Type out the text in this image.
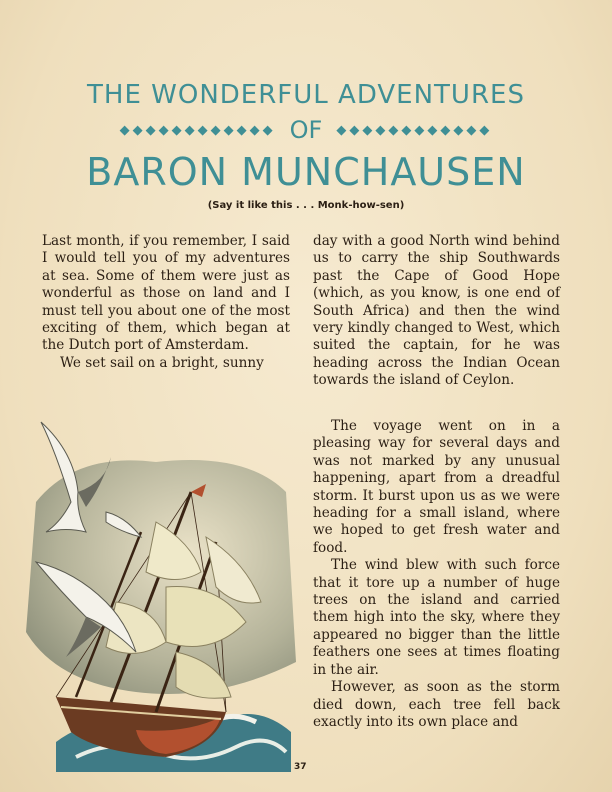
THE WONDERFUL ADVENTURES
◆◆◆◆◆◆◆◆◆◆◆◆ OF ◆◆◆◆◆◆◆◆◆◆◆◆
BARON MUNCHAUSEN
(Say it like this . . . Monk-how-sen)

Last month, if you remember, I said I would tell you of my adventures at sea. Some of them were just as wonderful as those on land and I must tell you about one of the most exciting of them, which began at the Dutch port of Amsterdam.

We set sail on a bright, sunny

day with a good North wind behind us to carry the ship Southwards past the Cape of Good Hope (which, as you know, is one end of South Africa) and then the wind very kindly changed to West, which suited the captain, for he was heading across the Indian Ocean towards the island of Ceylon.

The voyage went on in a pleasing way for several days and was not marked by any unusual happening, apart from a dreadful storm. It burst upon us as we were heading for a small island, where we hoped to get fresh water and food.

The wind blew with such force that it tore up a number of huge trees on the island and carried them high into the sky, where they appeared no bigger than the little feathers one sees at times floating in the air.

However, as soon as the storm died down, each tree fell back exactly into its own place and

37
